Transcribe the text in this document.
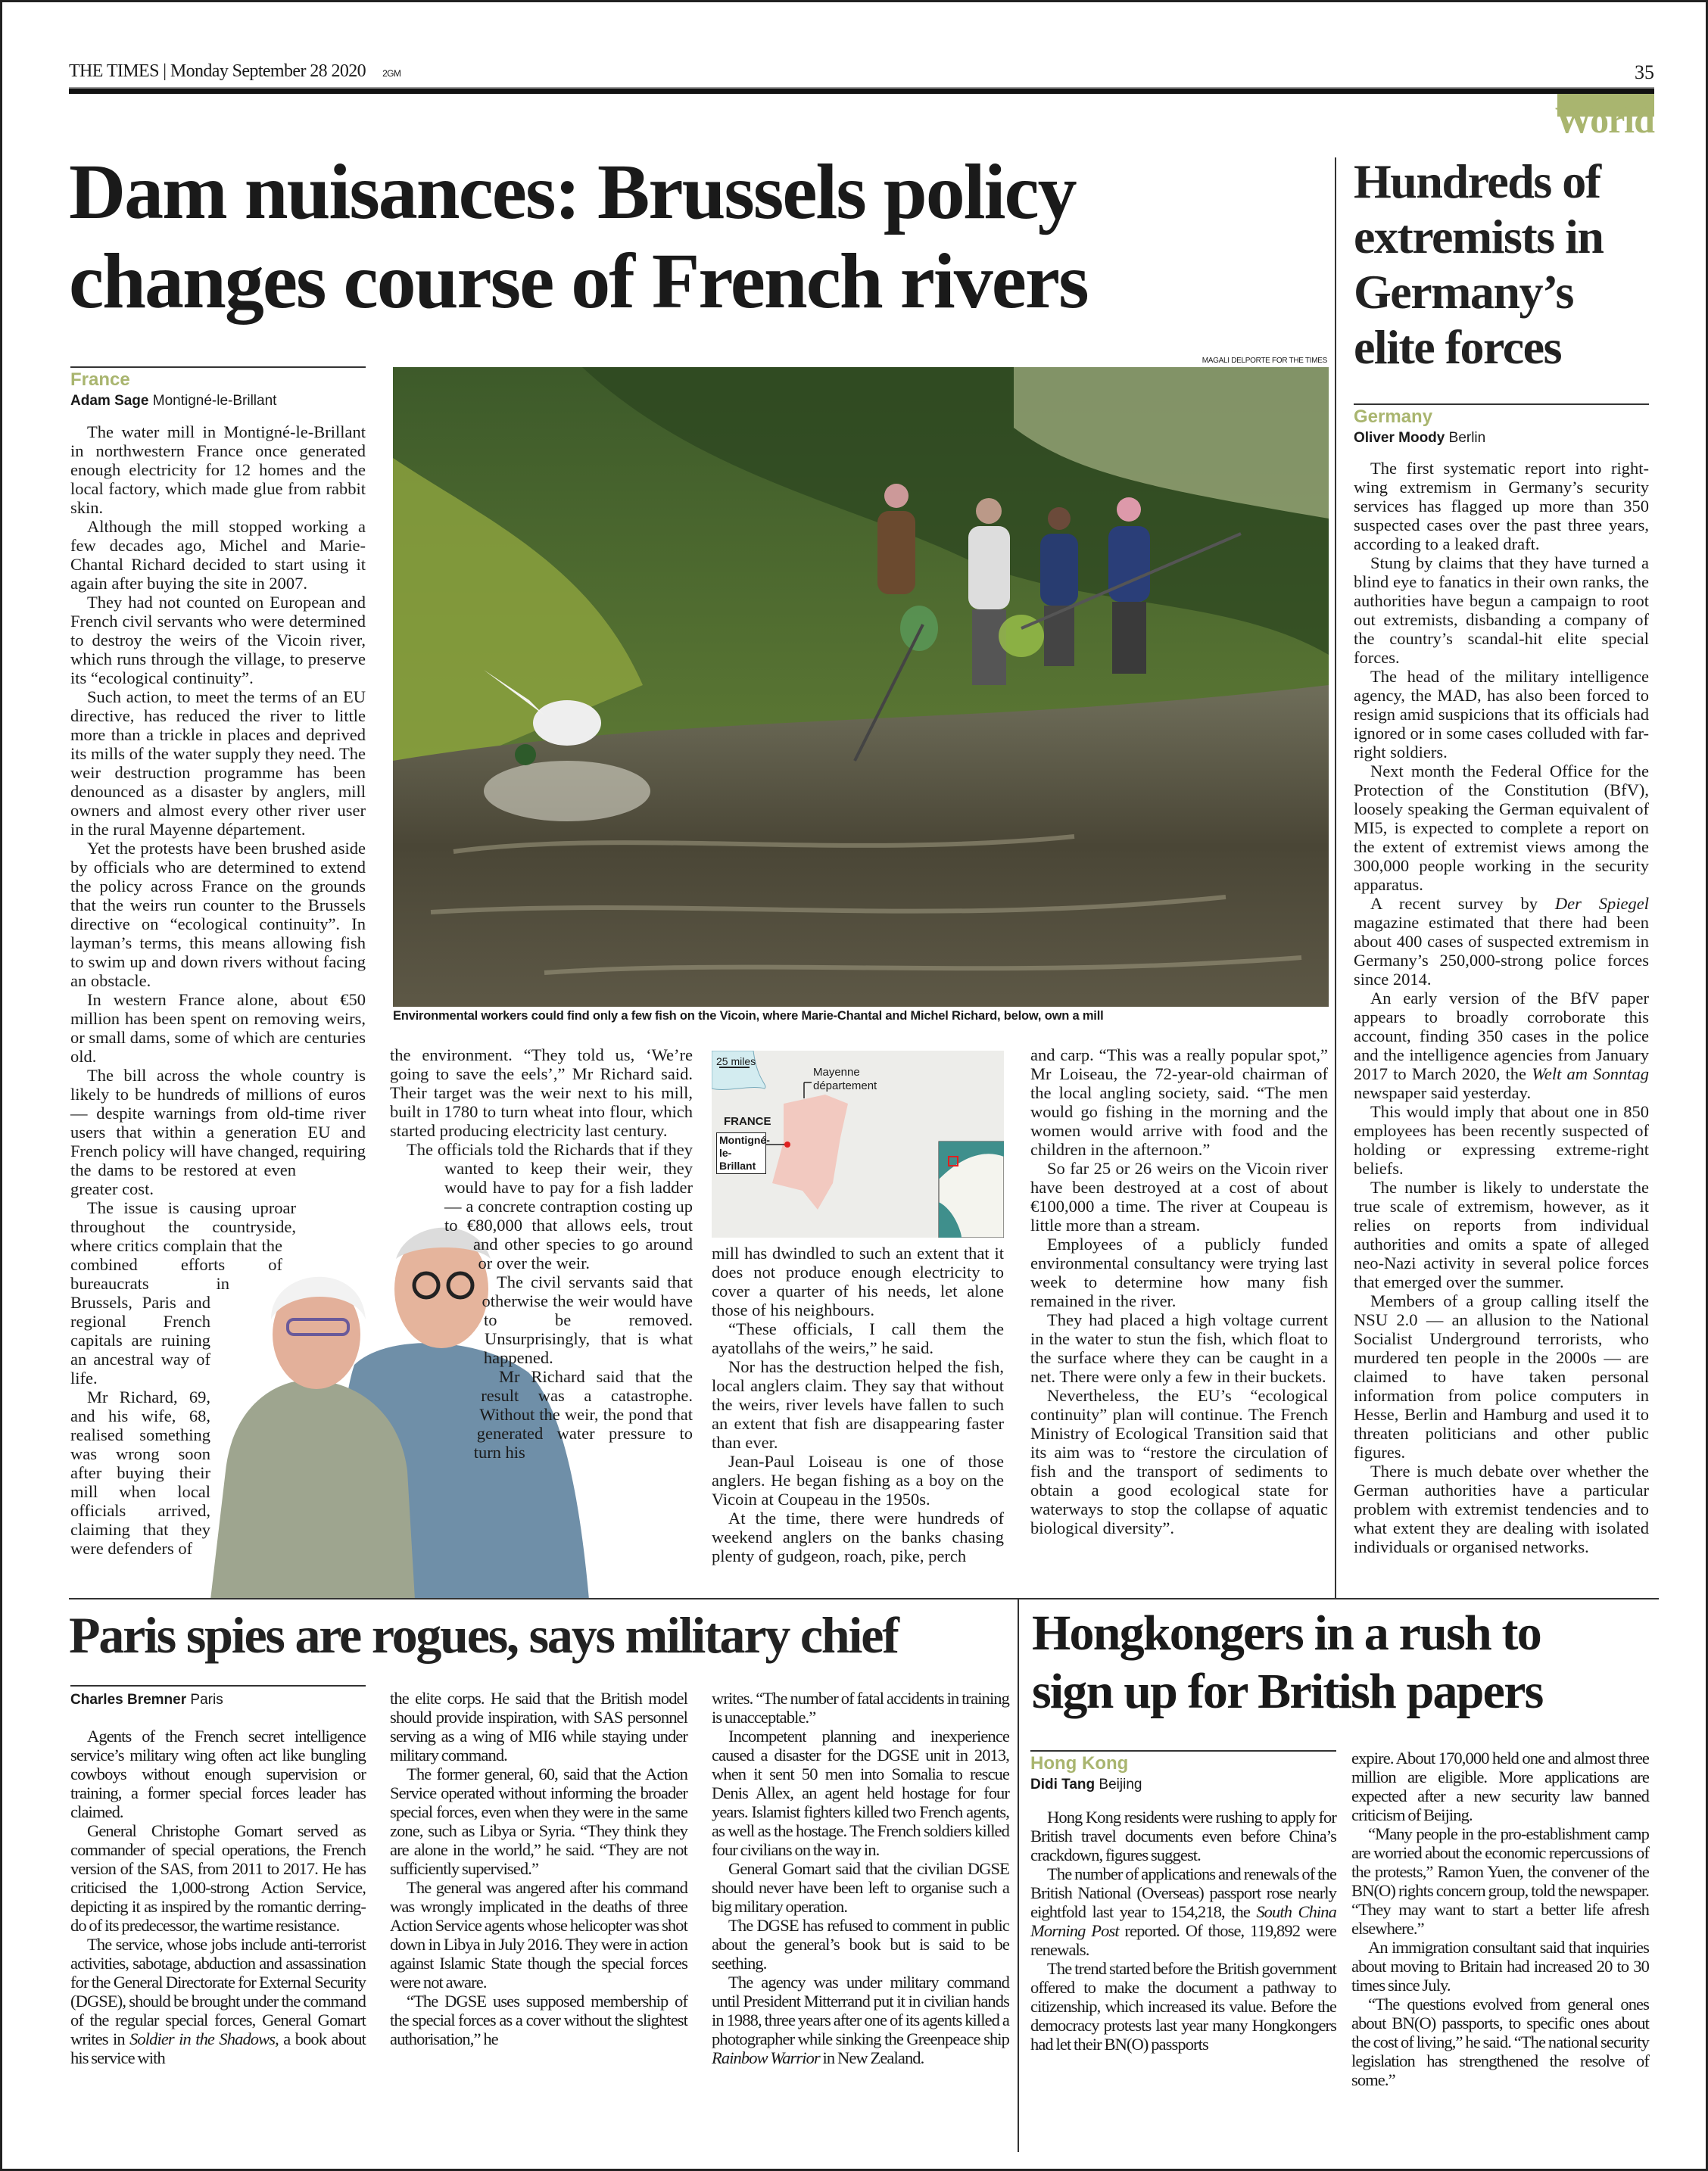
THE TIMES | Monday September 28 2020 2GM	35
World
Dam nuisances: Brussels policy
changes course of French rivers
Hundreds of
extremists in
Germany’s
elite forces
France
Adam Sage Montigné-le-Brillant
MAGALI DELPORTE FOR THE TIMES
Environmental workers could find only a few fish on the Vicoin, where Marie-Chantal and Michel Richard, below, own a mill

The water mill in Montigné-le-Brillant in northwestern France once generated enough electricity for 12 homes and the local factory, which made glue from rabbit skin.

Although the mill stopped working a few decades ago, Michel and Marie-Chantal Richard decided to start using it again after buying the site in 2007.

They had not counted on European and French civil servants who were determined to destroy the weirs of the Vicoin river, which runs through the village, to preserve its “ecological continuity”.

Such action, to meet the terms of an EU directive, has reduced the river to little more than a trickle in places and deprived its mills of the water supply they need. The weir destruction programme has been denounced as a disaster by anglers, mill owners and almost every other river user in the rural Mayenne département.

Yet the protests have been brushed aside by officials who are determined to extend the policy across France on the grounds that the weirs run counter to the Brussels directive on “ecological continuity”. In layman’s terms, this means allowing fish to swim up and down rivers without facing an obstacle.

In western France alone, about €50 million has been spent on removing weirs, or small dams, some of which are centuries old.

The bill across the whole country is likely to be hundreds of millions of euros — despite warnings from old-time river users that within a generation EU and French policy will have changed, requiring the dams to be restored at even greater cost.

The issue is causing uproar throughout the countryside, where critics complain that the combined efforts of bureaucrats in Brussels, Paris and regional French capitals are ruining an ancestral way of life.

Mr Richard, 69, and his wife, 68, realised something was wrong soon after buying their mill when local officials arrived, claiming that they were defenders of

the environment. “They told us, ‘We’re going to save the eels’,” Mr Richard said. Their target was the weir next to his mill, built in 1780 to turn wheat into flour, which started producing electricity last century.

The officials told the Richards that if they wanted to keep their weir, they would have to pay for a fish ladder — a concrete contraption costing up to €80,000 that allows eels, trout and other species to go around or over the weir.

The civil servants said that otherwise the weir would have to be removed. Unsurprisingly, that is what happened.

Mr Richard said that the result was a catastrophe. Without the weir, the pond that generated water pressure to turn his

25 miles
Mayenne
département
FRANCE
Montigné-
le-Brillant

mill has dwindled to such an extent that it does not produce enough electricity to cover a quarter of his needs, let alone those of his neighbours.

“These officials, I call them the ayatollahs of the weirs,” he said.

Nor has the destruction helped the fish, local anglers claim. They say that without the weirs, river levels have fallen to such an extent that fish are disappearing faster than ever.

Jean-Paul Loiseau is one of those anglers. He began fishing as a boy on the Vicoin at Coupeau in the 1950s.

At the time, there were hundreds of weekend anglers on the banks chasing plenty of gudgeon, roach, pike, perch

and carp. “This was a really popular spot,” Mr Loiseau, the 72-year-old chairman of the local angling society, said. “The men would go fishing in the morning and the women would arrive with food and the children in the afternoon.”

So far 25 or 26 weirs on the Vicoin river have been destroyed at a cost of about €100,000 a time. The river at Coupeau is little more than a stream.

Employees of a publicly funded environmental consultancy were trying last week to determine how many fish remained in the river.

They had placed a high voltage current in the water to stun the fish, which float to the surface where they can be caught in a net. There were only a few in their buckets.

Nevertheless, the EU’s “ecological continuity” plan will continue. The French Ministry of Ecological Transition said that its aim was to “restore the circulation of fish and the transport of sediments to obtain a good ecological state for waterways to stop the collapse of aquatic biological diversity”.

Germany
Oliver Moody Berlin

The first systematic report into right-wing extremism in Germany’s security services has flagged up more than 350 suspected cases over the past three years, according to a leaked draft.

Stung by claims that they have turned a blind eye to fanatics in their own ranks, the authorities have begun a campaign to root out extremists, disbanding a company of the country’s scandal-hit elite special forces.

The head of the military intelligence agency, the MAD, has also been forced to resign amid suspicions that its officials had ignored or in some cases colluded with far-right soldiers.

Next month the Federal Office for the Protection of the Constitution (BfV), loosely speaking the German equivalent of MI5, is expected to complete a report on the extent of extremist views among the 300,000 people working in the security apparatus.

A recent survey by Der Spiegel magazine estimated that there had been about 400 cases of suspected extremism in Germany’s 250,000-strong police forces since 2014.

An early version of the BfV paper appears to broadly corroborate this account, finding 350 cases in the police and the intelligence agencies from January 2017 to March 2020, the Welt am Sonntag newspaper said yesterday.

This would imply that about one in 850 employees has been recently suspected of holding or expressing extreme-right beliefs.

The number is likely to understate the true scale of extremism, however, as it relies on reports from individual authorities and omits a spate of alleged neo-Nazi activity in several police forces that emerged over the summer.

Members of a group calling itself the NSU 2.0 — an allusion to the National Socialist Underground terrorists, who murdered ten people in the 2000s — are claimed to have taken personal information from police computers in Hesse, Berlin and Hamburg and used it to threaten politicians and other public figures.

There is much debate over whether the German authorities have a particular problem with extremist tendencies and to what extent they are dealing with isolated individuals or organised networks.

Paris spies are rogues, says military chief
Charles Bremner Paris

Agents of the French secret intelligence service’s military wing often act like bungling cowboys without enough supervision or training, a former special forces leader has claimed.

General Christophe Gomart served as commander of special operations, the French version of the SAS, from 2011 to 2017. He has criticised the 1,000-strong Action Service, depicting it as inspired by the romantic derring-do of its predecessor, the wartime resistance.

The service, whose jobs include anti-terrorist activities, sabotage, abduction and assassination for the General Directorate for External Security (DGSE), should be brought under the command of the regular special forces, General Gomart writes in Soldier in the Shadows, a book about his service with

the elite corps. He said that the British model should provide inspiration, with SAS personnel serving as a wing of MI6 while staying under military command.

The former general, 60, said that the Action Service operated without informing the broader special forces, even when they were in the same zone, such as Libya or Syria. “They think they are alone in the world,” he said. “They are not sufficiently supervised.”

The general was angered after his command was wrongly implicated in the deaths of three Action Service agents whose helicopter was shot down in Libya in July 2016. They were in action against Islamic State though the special forces were not aware.

“The DGSE uses supposed membership of the special forces as a cover without the slightest authorisation,” he

writes. “The number of fatal accidents in training is unacceptable.”

Incompetent planning and inexperience caused a disaster for the DGSE unit in 2013, when it sent 50 men into Somalia to rescue Denis Allex, an agent held hostage for four years. Islamist fighters killed two French agents, as well as the hostage. The French soldiers killed four civilians on the way in.

General Gomart said that the civilian DGSE should never have been left to organise such a big military operation.

The DGSE has refused to comment in public about the general’s book but is said to be seething.

The agency was under military command until President Mitterrand put it in civilian hands in 1988, three years after one of its agents killed a photographer while sinking the Greenpeace ship Rainbow Warrior in New Zealand.

Hongkongers in a rush to
sign up for British papers
Hong Kong
Didi Tang Beijing

Hong Kong residents were rushing to apply for British travel documents even before China’s crackdown, figures suggest.

The number of applications and renewals of the British National (Overseas) passport rose nearly eightfold last year to 154,218, the South China Morning Post reported. Of those, 119,892 were renewals.

The trend started before the British government offered to make the document a pathway to citizenship, which increased its value. Before the democracy protests last year many Hongkongers had let their BN(O) passports

expire. About 170,000 held one and almost three million are eligible. More applications are expected after a new security law banned criticism of Beijing.

“Many people in the pro-establishment camp are worried about the economic repercussions of the protests,” Ramon Yuen, the convener of the BN(O) rights concern group, told the newspaper. “They may want to start a better life afresh elsewhere.”

An immigration consultant said that inquiries about moving to Britain had increased 20 to 30 times since July.

“The questions evolved from general ones about BN(O) passports, to specific ones about the cost of living,” he said. “The national security legislation has strengthened the resolve of some.”
